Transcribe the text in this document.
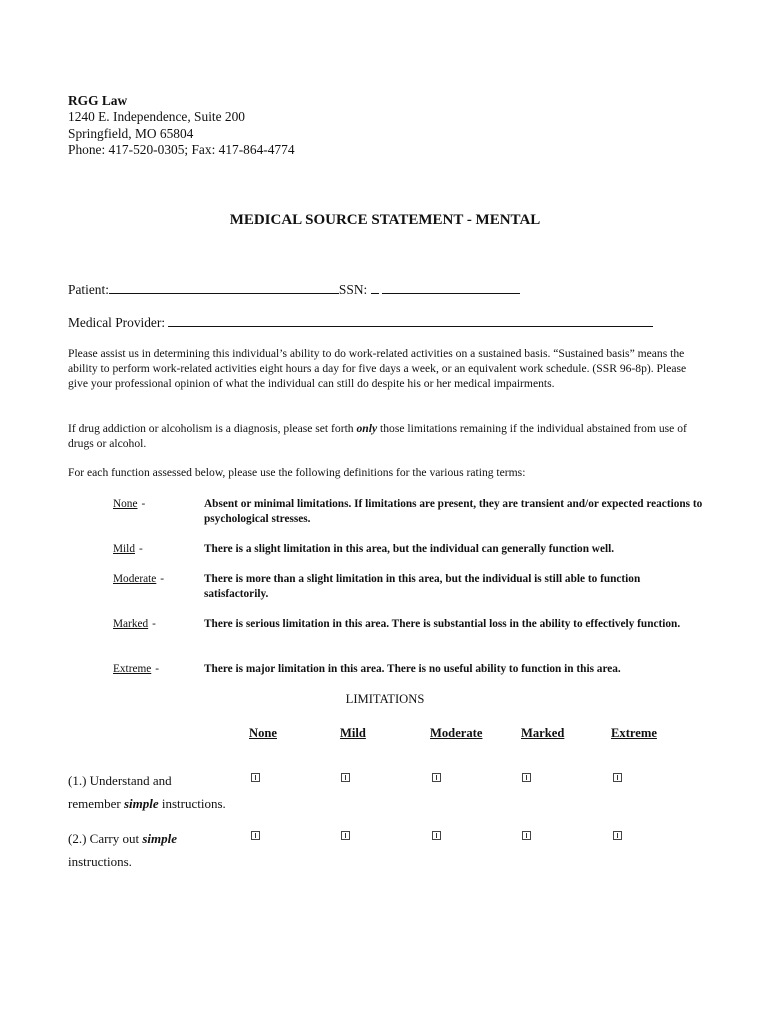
RGG Law
1240 E. Independence, Suite 200
Springfield, MO 65804
Phone: 417-520-0305; Fax: 417-864-4774
MEDICAL SOURCE STATEMENT - MENTAL
Patient:	SSN:
Medical Provider:
Please assist us in determining this individual’s ability to do work-related activities on a sustained basis. “Sustained basis” means the ability to perform work-related activities eight hours a day for five days a week, or an equivalent work schedule. (SSR 96-8p). Please give your professional opinion of what the individual can still do despite his or her medical impairments.
If drug addiction or alcoholism is a diagnosis, please set forth only those limitations remaining if the individual abstained from use of drugs or alcohol.
For each function assessed below, please use the following definitions for the various rating terms:
None -	Absent or minimal limitations. If limitations are present, they are transient and/or expected reactions to psychological stresses.
Mild -	There is a slight limitation in this area, but the individual can generally function well.
Moderate -	There is more than a slight limitation in this area, but the individual is still able to function satisfactorily.
Marked -	There is serious limitation in this area. There is substantial loss in the ability to effectively function.
Extreme -	There is major limitation in this area. There is no useful ability to function in this area.
LIMITATIONS
None	Mild	Moderate	Marked	Extreme
(1.) Understand and
remember simple instructions.
(2.) Carry out simple
instructions.
